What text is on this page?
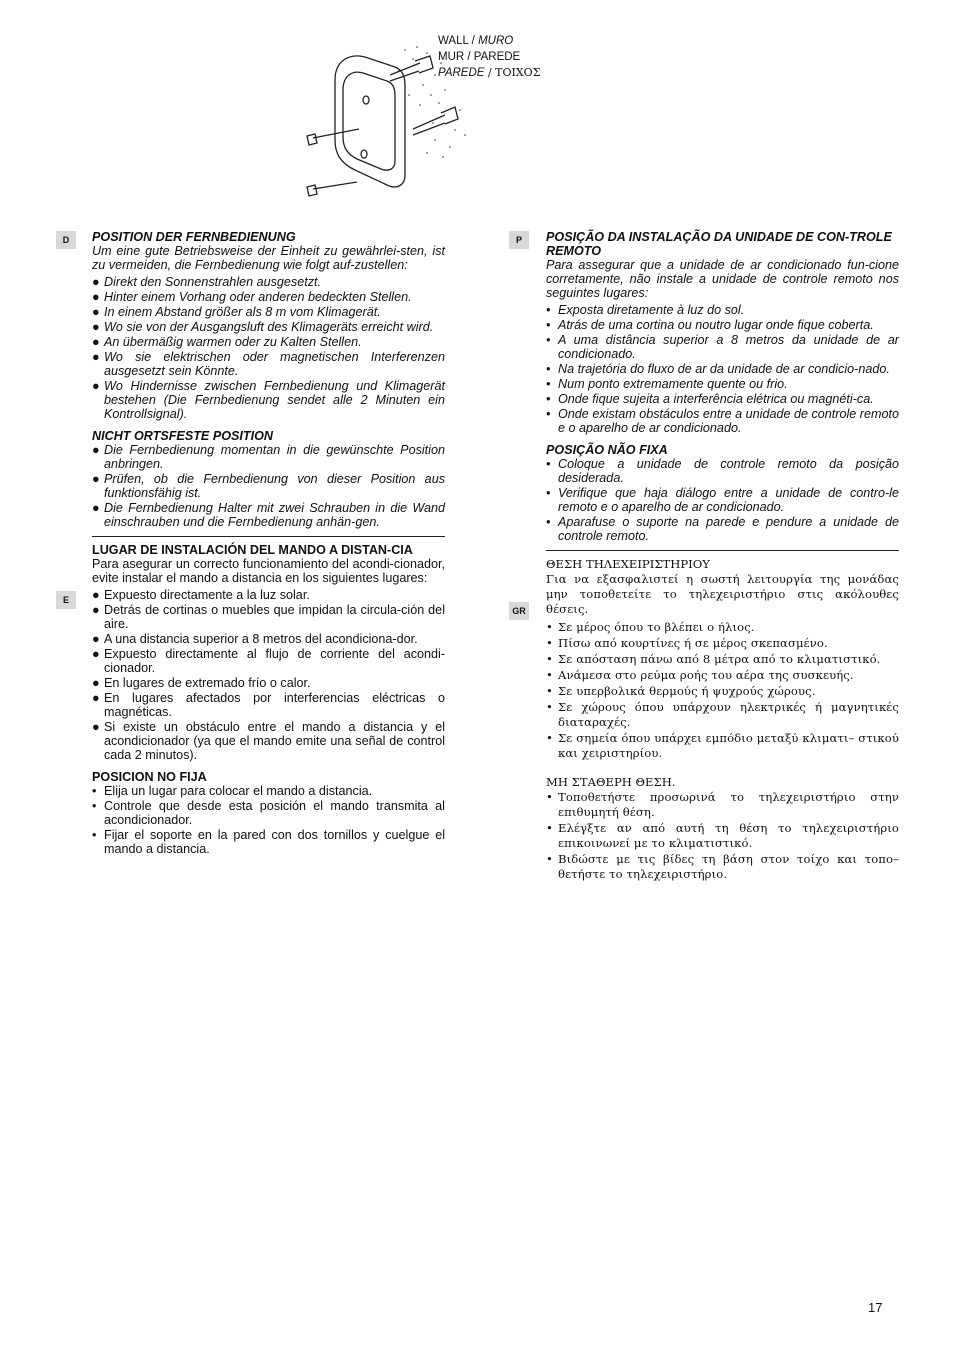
WALL / MURO
MUR / PAREDE
PAREDE / ΤΟΙΧΟΣ
D
E
P
GR
POSITION DER FERNBEDIENUNG

Um eine gute Betriebsweise der Einheit zu gewährlei-sten, ist zu vermeiden, die Fernbedienung wie folgt auf-zustellen:

● Direkt den Sonnenstrahlen ausgesetzt.
● Hinter einem Vorhang oder anderen bedeckten Stellen.
● In einem Abstand größer als 8 m vom Klimagerät.
● Wo sie von der Ausgangsluft des Klimageräts erreicht wird.
● An übermäßig warmen oder zu Kalten Stellen.
● Wo sie elektrischen oder magnetischen Interferenzen ausgesetzt sein Könnte.
● Wo Hindernisse zwischen Fernbedienung und Klimagerät bestehen (Die Fernbedienung sendet alle 2 Minuten ein Kontrollsignal).
NICHT ORTSFESTE POSITION
● Die Fernbedienung momentan in die gewünschte Position anbringen.
● Prüfen, ob die Fernbedienung von dieser Position aus funktionsfähig ist.
● Die Fernbedienung Halter mit zwei Schrauben in die Wand einschrauben und die Fernbedienung anhän-gen.
LUGAR DE INSTALACIÓN DEL MANDO A DISTAN-CIA

Para asegurar un correcto funcionamiento del acondi-cionador, evite instalar el mando a distancia en los siguientes lugares:

● Expuesto directamente a la luz solar.
● Detrás de cortinas o muebles que impidan la circula-ción del aire.
● A una distancia superior a 8 metros del acondiciona-dor.
● Expuesto directamente al flujo de corriente del acondi-cionador.
● En lugares de extremado frío o calor.
● En lugares afectados por interferencias eléctricas o magnéticas.
● Si existe un obstáculo entre el mando a distancia y el acondicionador (ya que el mando emite una señal de control cada 2 minutos).
POSICION NO FIJA
• Elija un lugar para colocar el mando a distancia.
• Controle que desde esta posición el mando transmita al acondicionador.
• Fijar el soporte en la pared con dos tornillos y cuelgue el mando a distancia.
POSIÇÃO DA INSTALAÇÃO DA UNIDADE DE CON-TROLE REMOTO

Para assegurar que a unidade de ar condicionado fun-cione corretamente, não instale a unidade de controle remoto nos seguintes lugares:

• Exposta diretamente à luz do sol.
• Atrás de uma cortina ou noutro lugar onde fique coberta.
• A uma distância superior a 8 metros da unidade de ar condicionado.
• Na trajetória do fluxo de ar da unidade de ar condicio-nado.
• Num ponto extremamente quente ou frio.
• Onde fique sujeita a interferência elétrica ou magnéti-ca.
• Onde existam obstáculos entre a unidade de controle remoto e o aparelho de ar condicionado.
POSIÇÃO NÃO FIXA
• Coloque a unidade de controle remoto da posição desiderada.
• Verifique que haja diálogo entre a unidade de contro-le remoto e o aparelho de ar condicionado.
• Aparafuse o suporte na parede e pendure a unidade de controle remoto.
ΘΕΣΗ ΤΗΛΕΧΕΙΡΙΣΤΗΡΙΟΥ

Για να εξασφαλιστεί η σωστή λειτουργία της μονάδας μην τοποθετείτε το τηλεχειριστήριο στις ακόλουθες θέσεις.

• Σε μέρος όπου το βλέπει ο ήλιος.
• Πίσω από κουρτίνες ή σε μέρος σκεπασμένο.
• Σε απόσταση πάνω από 8 μέτρα από το κλιματιστικό.
• Ανάμεσα στο ρεύμα ροής του αέρα της συσκευής.
• Σε υπερβολικά θερμούς ή ψυχρούς χώρους.
• Σε χώρους όπου υπάρχουν ηλεκτρικές ή μαγνητικές διαταραχές.
• Σε σημεία όπου υπάρχει εμπόδιο μεταξύ κλιματι– στικού και χειριστηρίου.
ΜΗ ΣΤΑΘΕΡΗ ΘΕΣΗ.
• Τοποθετήστε προσωρινά το τηλεχειριστήριο στην επιθυμητή θέση.
• Ελέγξτε αν από αυτή τη θέση το τηλεχειριστήριο επικοινωνεί με το κλιματιστικό.
• Βιδώστε με τις βίδες τη βάση στον τοίχο και τοπο– θετήστε το τηλεχειριστήριο.
17
